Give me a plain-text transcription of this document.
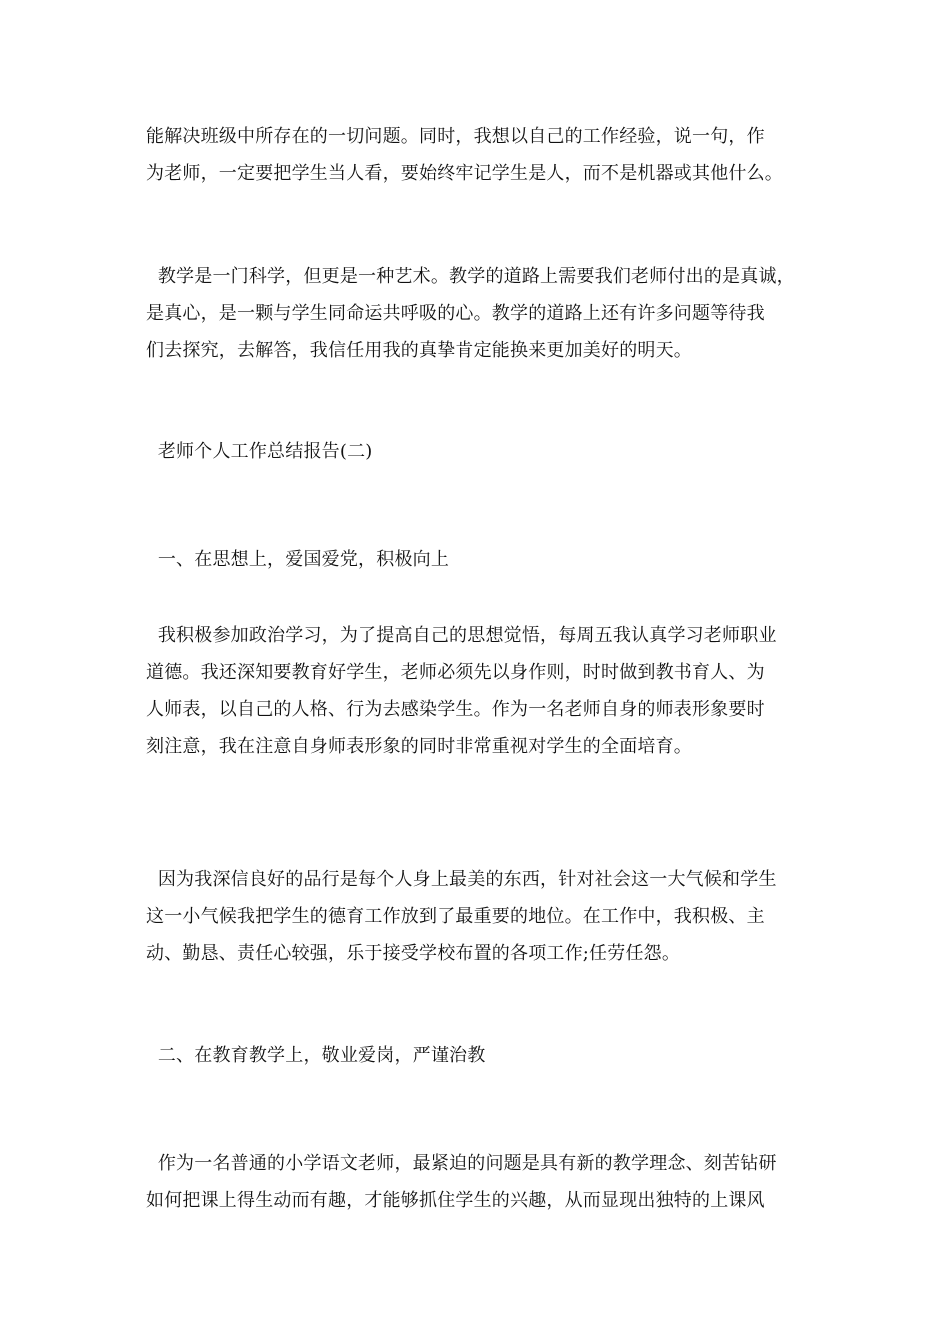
能解决班级中所存在的一切问题。同时，我想以自己的工作经验，说一句，作
为老师，一定要把学生当人看，要始终牢记学生是人，而不是机器或其他什么。
教学是一门科学，但更是一种艺术。教学的道路上需要我们老师付出的是真诚，
是真心，是一颗与学生同命运共呼吸的心。教学的道路上还有许多问题等待我
们去探究，去解答，我信任用我的真挚肯定能换来更加美好的明天。
老师个人工作总结报告(二)
一、在思想上，爱国爱党，积极向上
我积极参加政治学习，为了提高自己的思想觉悟，每周五我认真学习老师职业
道德。我还深知要教育好学生，老师必须先以身作则，时时做到教书育人、为
人师表，以自己的人格、行为去感染学生。作为一名老师自身的师表形象要时
刻注意，我在注意自身师表形象的同时非常重视对学生的全面培育。
因为我深信良好的品行是每个人身上最美的东西，针对社会这一大气候和学生
这一小气候我把学生的德育工作放到了最重要的地位。在工作中，我积极、主
动、勤恳、责任心较强，乐于接受学校布置的各项工作;任劳任怨。
二、在教育教学上，敬业爱岗，严谨治教
作为一名普通的小学语文老师，最紧迫的问题是具有新的教学理念、刻苦钻研
如何把课上得生动而有趣，才能够抓住学生的兴趣，从而显现出独特的上课风
